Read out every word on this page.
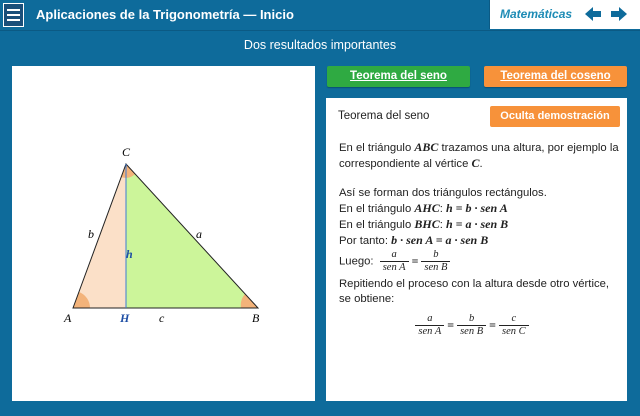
Aplicaciones de la Trigonometría — Inicio	Matemáticas
Dos resultados importantes
C
A	B
H
b	a
c
h
Teorema del seno	Teorema del coseno
Teorema del seno	Oculta demostración

En el triángulo ABC trazamos una altura, por ejemplo la correspondiente al vértice C.

Así se forman dos triángulos rectángulos.

En el triángulo AHC: h = b · sen A

En el triángulo BHC: h = a · sen B

Por tanto: b · sen A = a · sen B

Luego: $\frac{a}{\text{sen A}} = \frac{b}{\text{sen B}}$

Repitiendo el proceso con la altura desde otro vértice, se obtiene:

$\frac{a}{\text{sen A}} = \frac{b}{\text{sen B}} = \frac{c}{\text{sen C}}$
